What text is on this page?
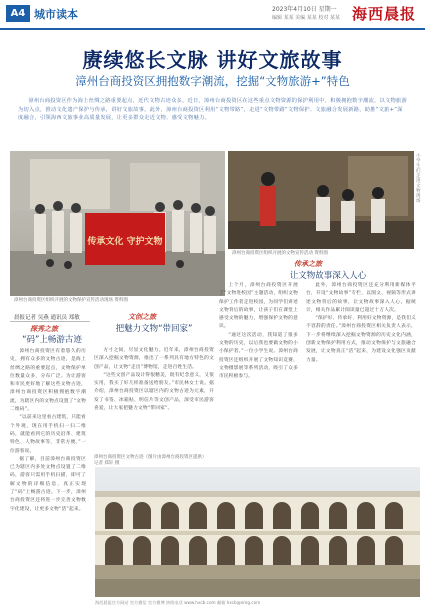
A4 城市读本	2023年4月10日 星期一
编辑 某某 美编 某某 校对 某某 海西晨报
赓续悠长文脉 讲好文旅故事
漳州台商投资区拥抱数字潮流，挖掘“文物旅游+”特色
漳州台商投资区作为海上丝绸之路重要起点，近代文物古迹众多。近日，漳州台商投资区在这些重点文物资源的保护利用中，积极拥抱数字潮流，以文物旅游为切入点，推动文化遗产保护与传承，讲好文旅故事。此外，漳州台商投资区利用“文物带路”，走进“文物带路”文物保护、文旅融合发展新路，助推“文旅+”深度融合，引领海西文旅事业高质量发展，让更多群众走近文物、感受文物魅力。
传承文化 守护文物
小学生们走进文物现场
漳州台商投资区组织开展的文物保护宣传活动现场 资料图
漳州台商投资区组织开展的文物宣传活动 资料图
晨报记者 吴燕 通讯员 郑敏
探秀之旅
“码”上畅游古迹
文创之旅
把魅力文物“带回家”
传承之旅
让文物故事深入人心

漳州台商投资区有着悠久的历史，拥有众多的文物古迹，是海上丝绸之路的重要起点，文物保护单位数量众多，分布广泛。为让游客和市民更好地了解这些文物古迹，漳州台商投资区积极拥抱数字潮流，为辖区内的文物点设置了“文物二维码”。

“以前来这里看古建筑，只能看个外观，现在用手机扫一扫二维码，就能看到它的历史沿革、建筑特色、人物故事等，非常方便。”一位游客说。

据了解，目前漳州台商投资区已为辖区内多处文物点设置了二维码，游客只需用手机扫描，即可了解文物的详细信息，真正实现了“码”上畅游古迹。下一步，漳州台商投资区还将进一步完善文物数字化建设，让更多文物“活”起来。

方寸之间，尽显文化魅力。近年来，漳州台商投资区深入挖掘文物资源，推出了一系列具有地方特色的文创产品，让文物“走出”博物馆，走进百姓生活。

“这些文创产品设计得很精美，既有纪念意义，又很实用，我买了好几样准备送给朋友。”市民林女士说。据介绍，漳州台商投资区以辖区内的文物古迹为元素，开发了书签、冰箱贴、明信片等文创产品，深受市民游客喜爱，让大家把魅力文物“带回家”。

上个月，漳州台商投资区开展了“文物进校园”主题活动，组织文物保护工作者走进校园，为同学们讲述文物背后的故事，让孩子们在课堂上感受文物的魅力，增强保护文物的意识。

“通过这次活动，我知道了很多文物的历史，以后我也要做文物的小小保护者。”一位小学生说。漳州台商投资区还组织开展了文物知识竞赛、文物摄影展等系列活动，吸引了众多市民积极参与。

此外，漳州台商投资区还充分利用新媒体平台，开设“文物故事”专栏，以图文、视频等形式讲述文物背后的故事，让文物故事深入人心。据统计，相关作品累计阅读量已超过十万人次。

“保护好、传承好、利用好文物资源，是我们义不容辞的责任。”漳州台商投资区相关负责人表示，下一步将继续深入挖掘文物资源的历史文化内涵，创新文物保护利用方式，推动文物保护与文旅融合发展，让文物真正“活”起来，为建设文化强区贡献力量。

漳州台商投资区文物古迹（图片由漳州台商投资区提供）
记者 郑轩 摄
海西晨报官方网站 官方微信 官方微博 热线电话 www.hxcb.com 邮箱 hxcb@xmg.com
